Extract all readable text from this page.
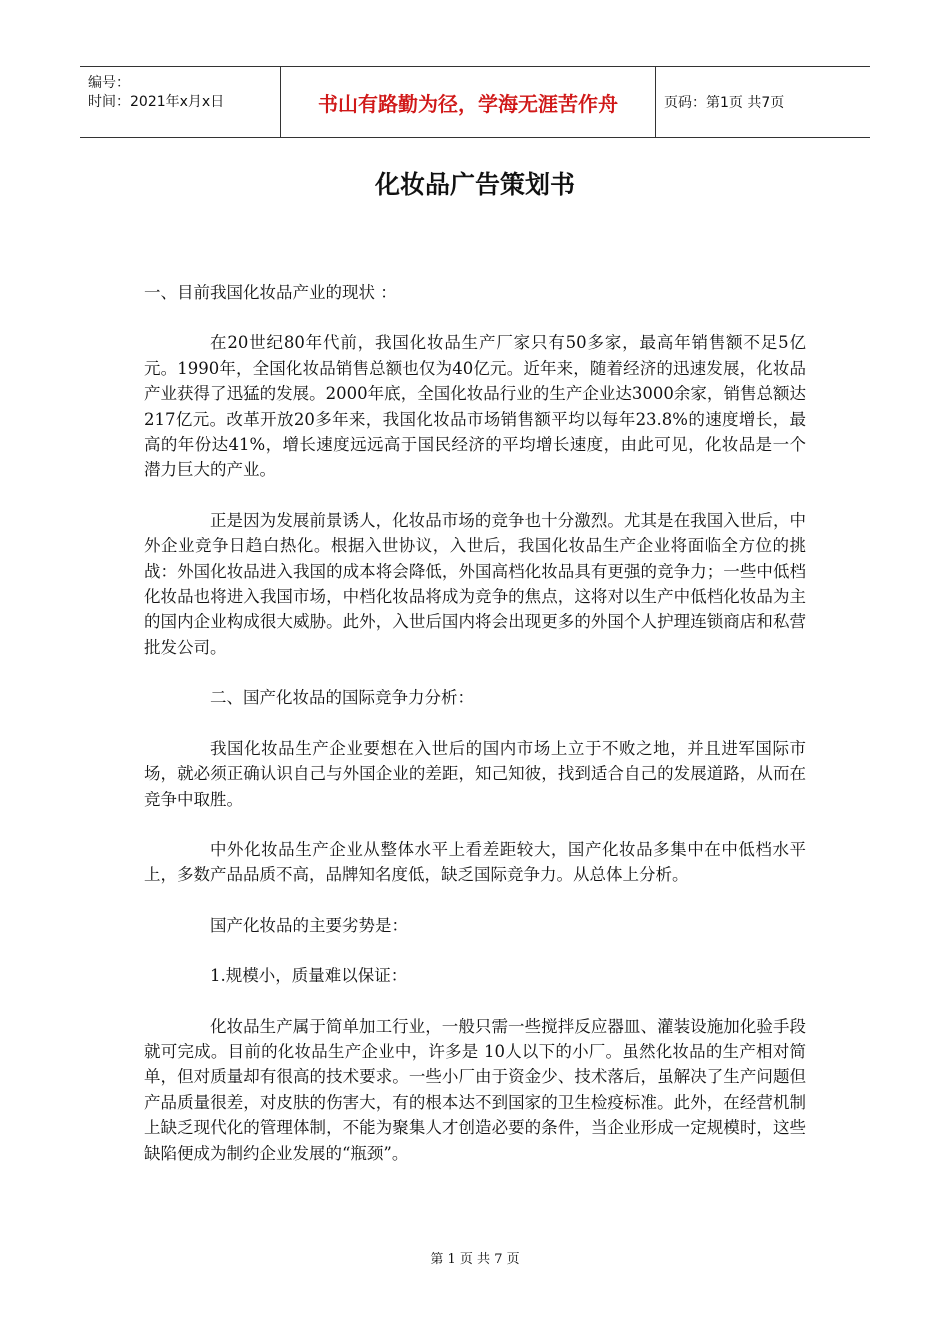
编号：
时间：2021年x月x日	书山有路勤为径，学海无涯苦作舟	页码：第1页 共7页
化妆品广告策划书

一、目前我国化妆品产业的现状 ：

在20世纪80年代前，我国化妆品生产厂家只有50多家，最高年销售额不足5亿元。1990年，全国化妆品销售总额也仅为40亿元。近年来，随着经济的迅速发展，化妆品产业获得了迅猛的发展。2000年底，全国化妆品行业的生产企业达3000余家，销售总额达217亿元。改革开放20多年来，我国化妆品市场销售额平均以每年23.8%的速度增长，最高的年份达41%，增长速度远远高于国民经济的平均增长速度，由此可见，化妆品是一个潜力巨大的产业。

正是因为发展前景诱人，化妆品市场的竞争也十分激烈。尤其是在我国入世后，中外企业竞争日趋白热化。根据入世协议，入世后，我国化妆品生产企业将面临全方位的挑战：外国化妆品进入我国的成本将会降低，外国高档化妆品具有更强的竞争力；一些中低档化妆品也将进入我国市场，中档化妆品将成为竞争的焦点，这将对以生产中低档化妆品为主的国内企业构成很大威胁。此外，入世后国内将会出现更多的外国个人护理连锁商店和私营批发公司。

二、国产化妆品的国际竞争力分析：

我国化妆品生产企业要想在入世后的国内市场上立于不败之地，并且进军国际市场，就必须正确认识自己与外国企业的差距，知己知彼，找到适合自己的发展道路，从而在竞争中取胜。

中外化妆品生产企业从整体水平上看差距较大，国产化妆品多集中在中低档水平上，多数产品品质不高，品牌知名度低，缺乏国际竞争力。从总体上分析。

国产化妆品的主要劣势是：

1.规模小，质量难以保证：

化妆品生产属于简单加工行业，一般只需一些搅拌反应器皿、灌装设施加化验手段就可完成。目前的化妆品生产企业中，许多是 10人以下的小厂。虽然化妆品的生产相对简单，但对质量却有很高的技术要求。一些小厂由于资金少、技术落后，虽解决了生产问题但产品质量很差，对皮肤的伤害大，有的根本达不到国家的卫生检疫标准。此外，在经营机制上缺乏现代化的管理体制，不能为聚集人才创造必要的条件，当企业形成一定规模时，这些缺陷便成为制约企业发展的“瓶颈”。

第 1 页 共 7 页
